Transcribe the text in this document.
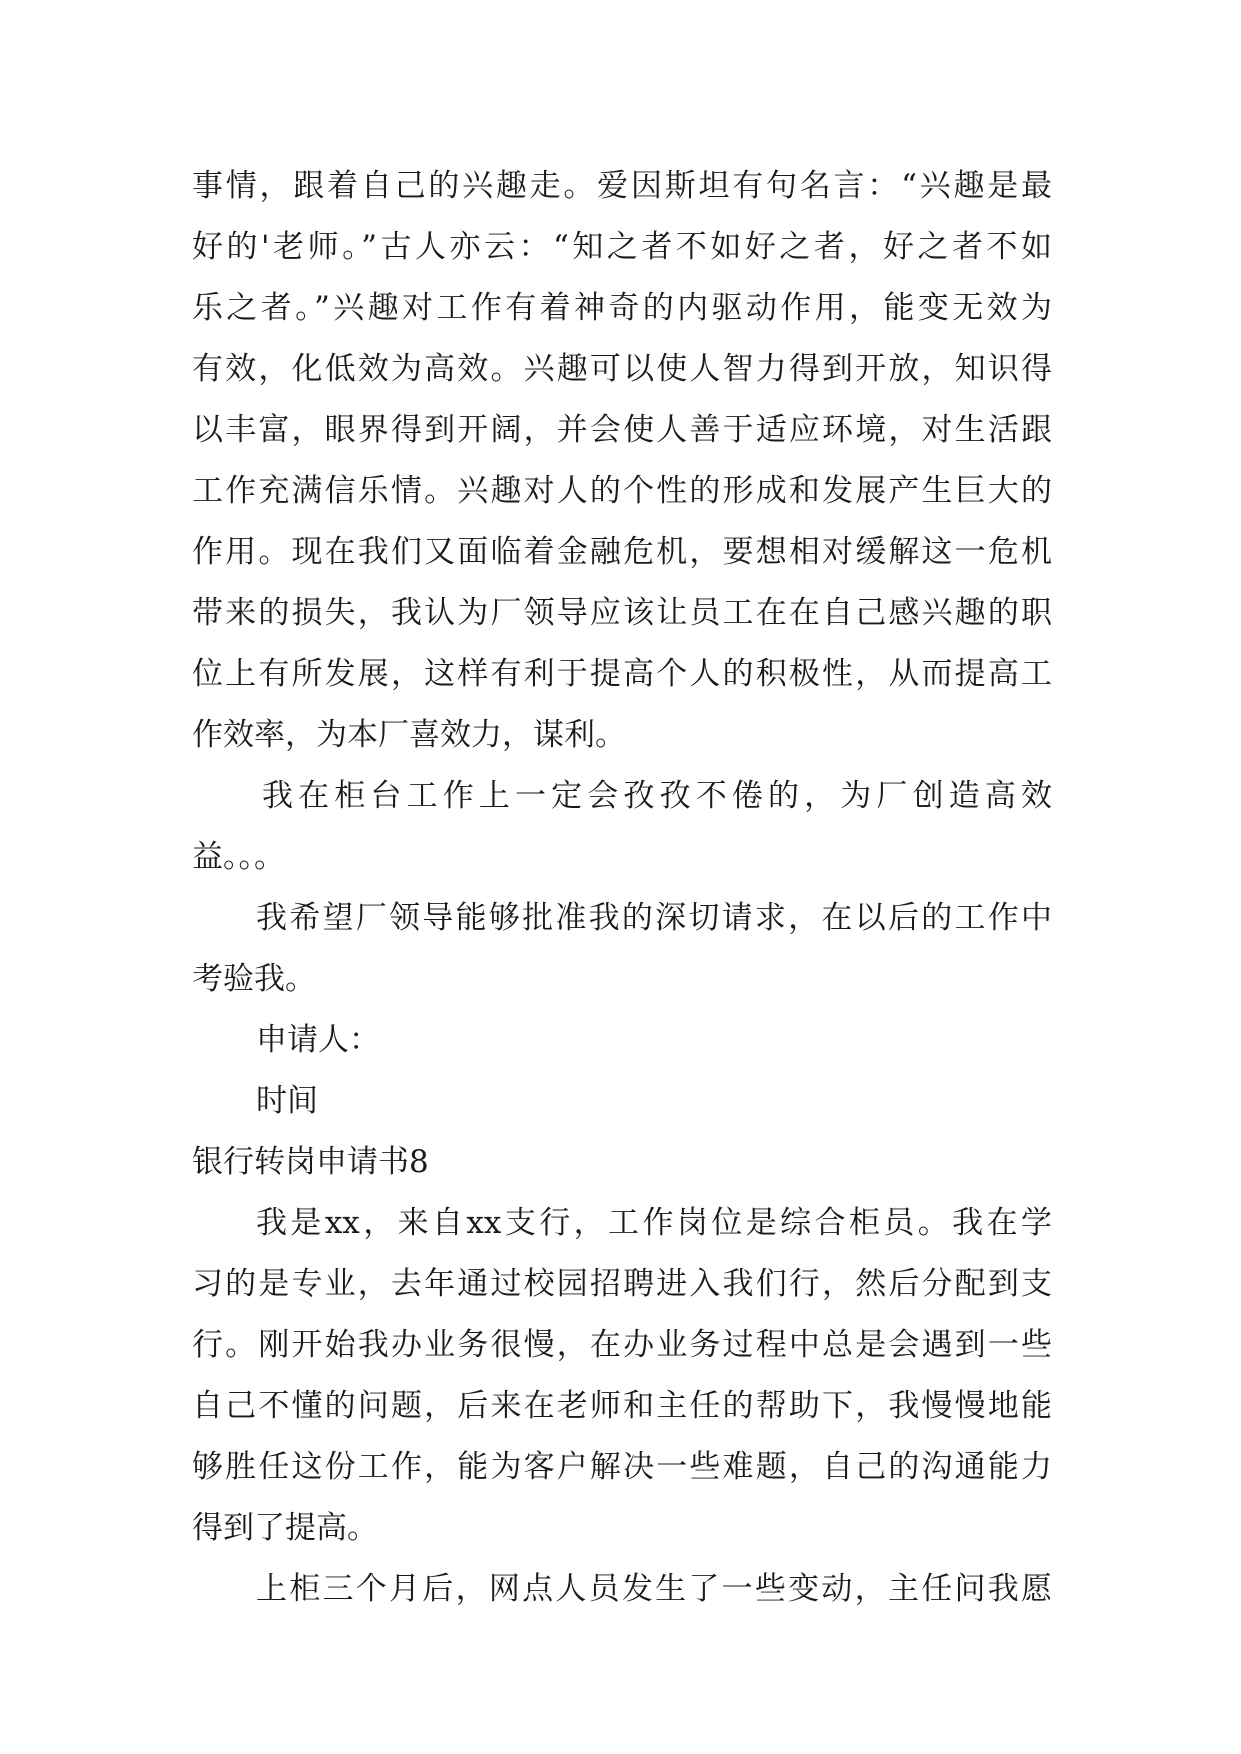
事情，跟着自己的兴趣走。爱因斯坦有句名言：“兴趣是最
好的'老师。”古人亦云：“知之者不如好之者，好之者不如
乐之者。”兴趣对工作有着神奇的内驱动作用，能变无效为
有效，化低效为高效。兴趣可以使人智力得到开放，知识得
以丰富，眼界得到开阔，并会使人善于适应环境，对生活跟
工作充满信乐情。兴趣对人的个性的形成和发展产生巨大的
作用。现在我们又面临着金融危机，要想相对缓解这一危机
带来的损失，我认为厂领导应该让员工在在自己感兴趣的职
位上有所发展，这样有利于提高个人的积极性，从而提高工
作效率，为本厂喜效力，谋利。
我在柜台工作上一定会孜孜不倦的，为厂创造高效
益。。。
我希望厂领导能够批准我的深切请求，在以后的工作中
考验我。
申请人：
时间
银行转岗申请书8
我是xx，来自xx支行，工作岗位是综合柜员。我在学
习的是专业，去年通过校园招聘进入我们行，然后分配到支
行。刚开始我办业务很慢，在办业务过程中总是会遇到一些
自己不懂的问题，后来在老师和主任的帮助下，我慢慢地能
够胜任这份工作，能为客户解决一些难题，自己的沟通能力
得到了提高。
上柜三个月后，网点人员发生了一些变动，主任问我愿
